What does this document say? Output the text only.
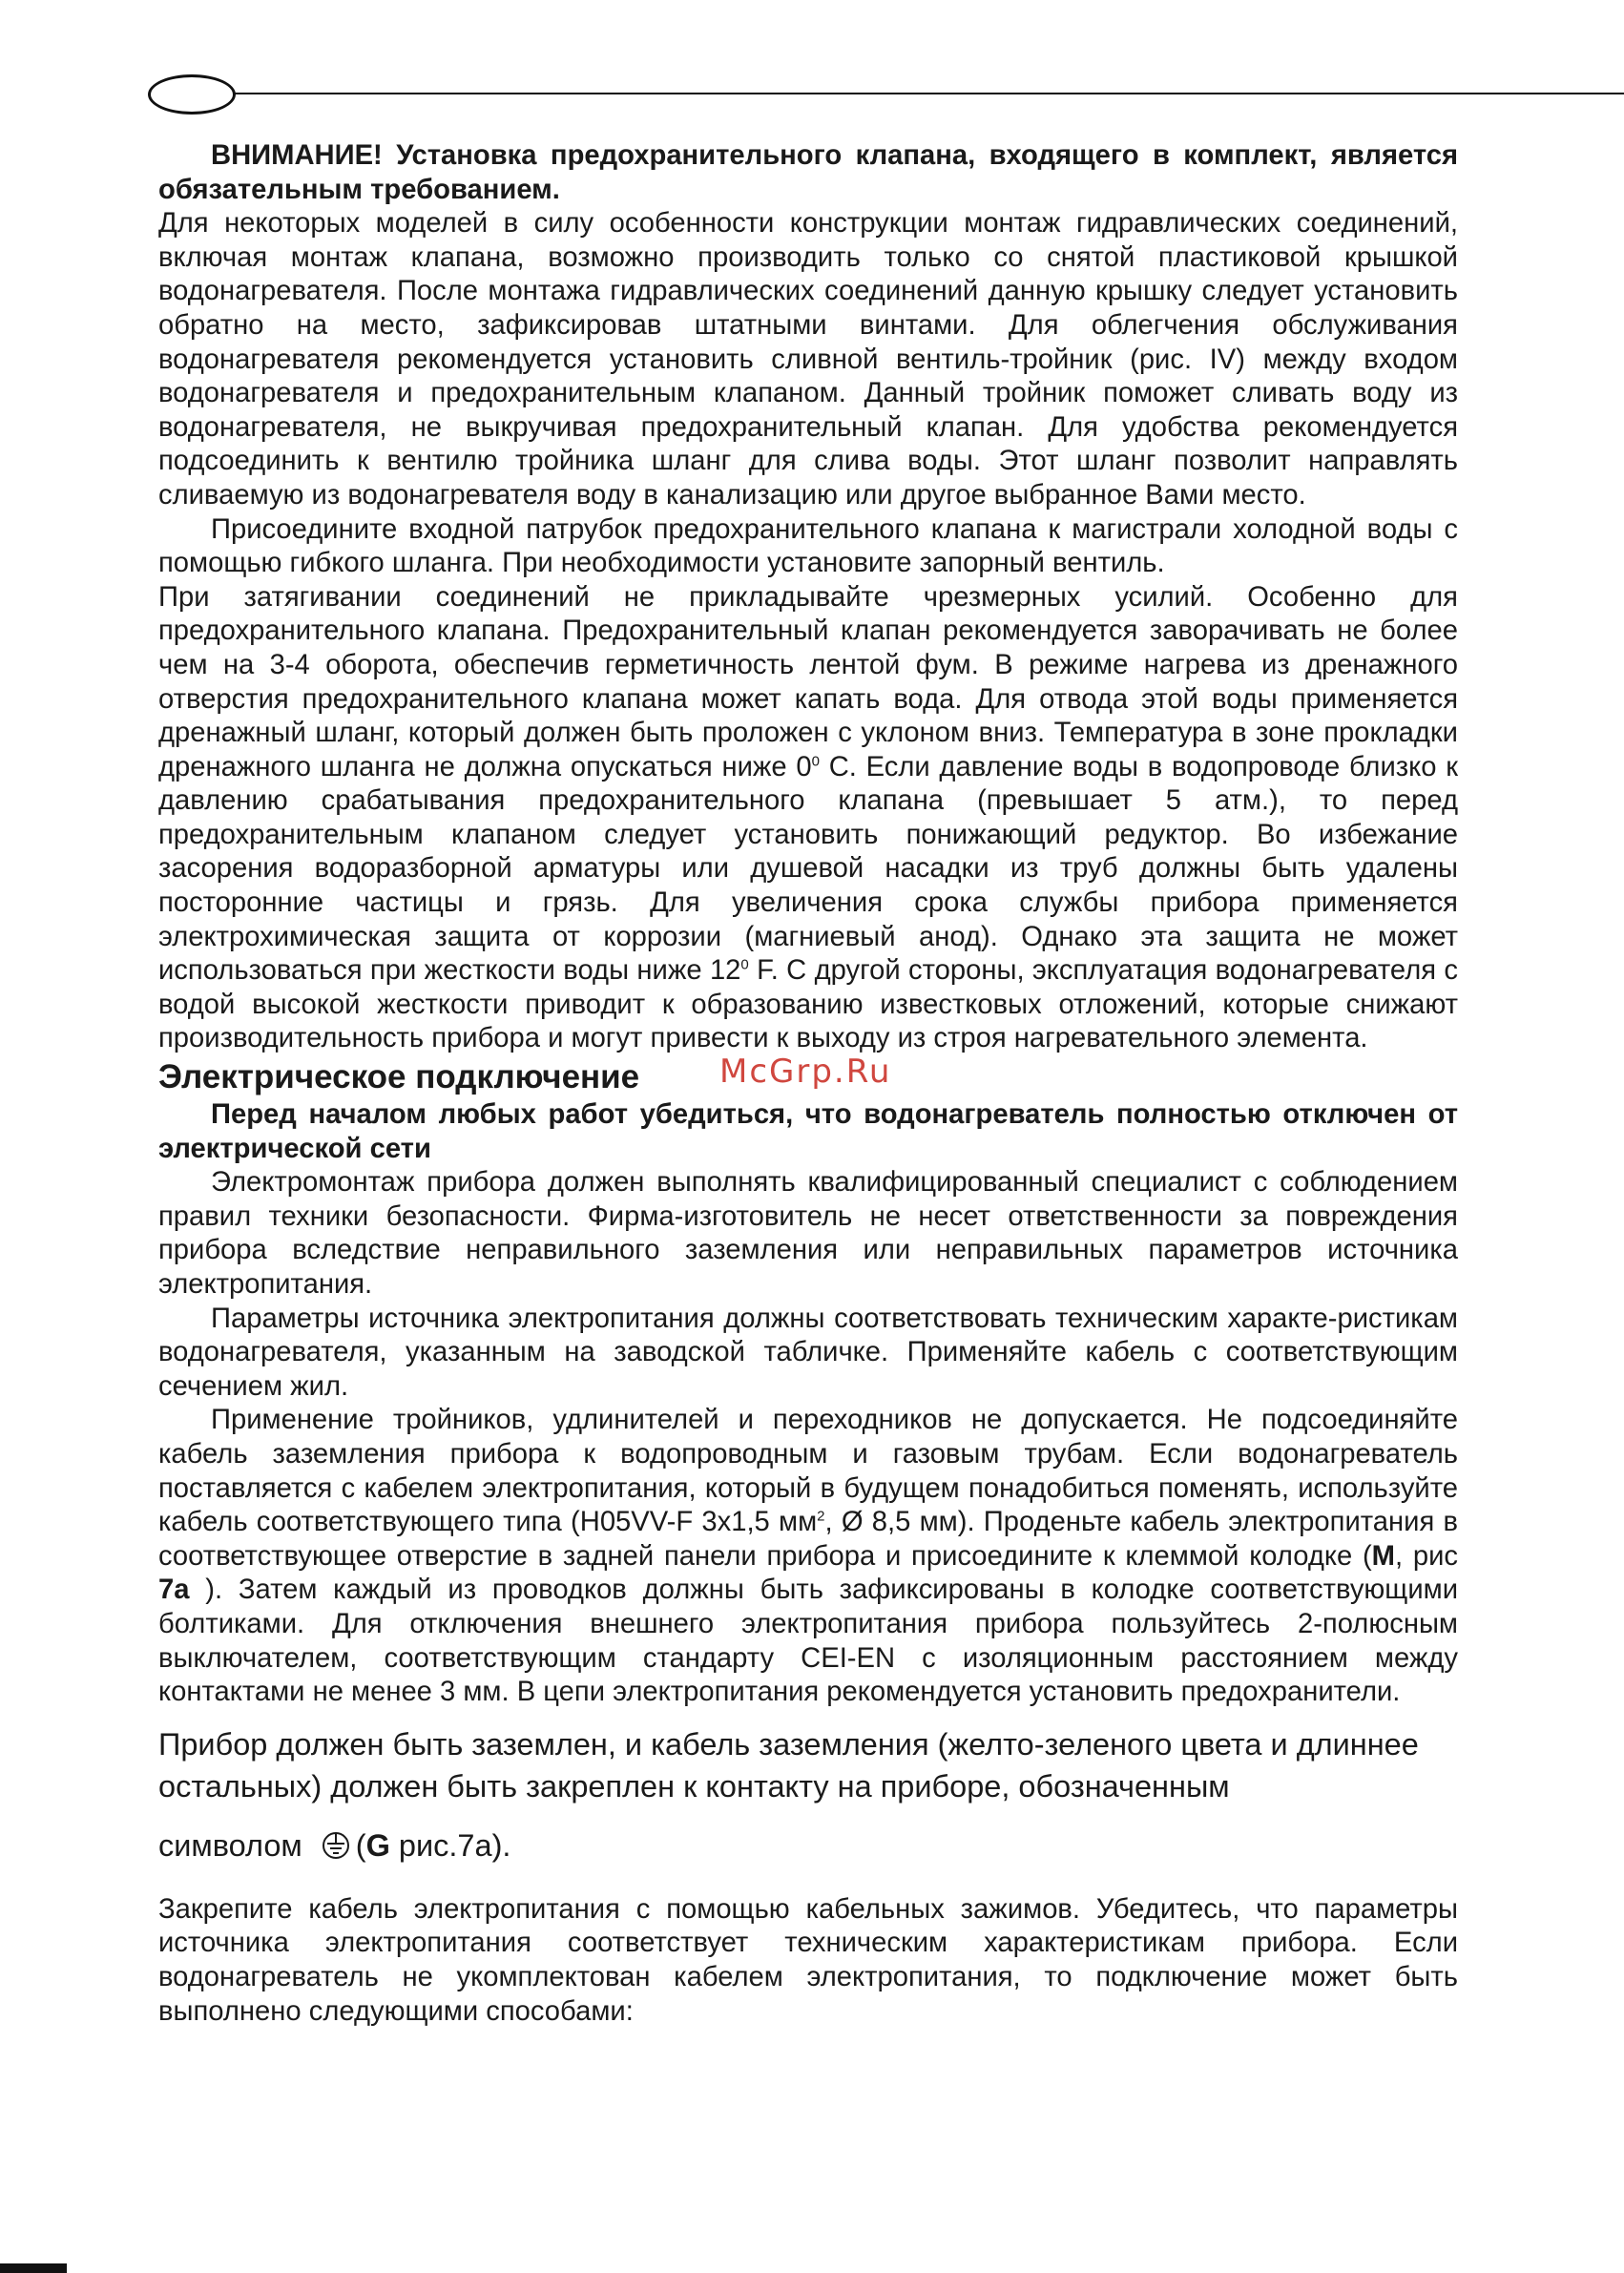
ВНИМАНИЕ! Установка предохранительного клапана, входящего в комплект, является обязательным требованием.

Для некоторых моделей в силу особенности конструкции монтаж гидравлических соединений, включая монтаж клапана, возможно производить только со снятой пластиковой крышкой водонагревателя. После монтажа гидравлических соединений данную крышку следует установить обратно на место, зафиксировав штатными винтами. Для облегчения обслуживания водонагревателя рекомендуется установить сливной вентиль-тройник (рис. IV) между входом водонагревателя и предохранительным клапаном. Данный тройник поможет сливать воду из водонагревателя, не выкручивая предохранительный клапан. Для удобства рекомендуется подсоединить к вентилю тройника шланг для слива воды. Этот шланг позволит направлять сливаемую из водонагревателя воду в канализацию или другое выбранное Вами место.

Присоедините входной патрубок предохранительного клапана к магистрали холодной воды с помощью гибкого шланга. При необходимости установите запорный вентиль.

При затягивании соединений не прикладывайте чрезмерных усилий. Особенно для предохранительного клапана. Предохранительный клапан рекомендуется заворачивать не более чем на 3-4 оборота, обеспечив герметичность лентой фум. В режиме нагрева из дренажного отверстия предохранительного клапана может капать вода. Для отвода этой воды применяется дренажный шланг, который должен быть проложен с уклоном вниз. Температура в зоне прокладки дренажного шланга не должна опускаться ниже $0^0$ С. Если давление воды в водопроводе близко к давлению срабатывания предохранительного клапана (превышает 5 атм.), то перед предохранительным клапаном следует установить понижающий редуктор. Во избежание засорения водоразборной арматуры или душевой насадки из труб должны быть удалены посторонние частицы и грязь. Для увеличения срока службы прибора применяется электрохимическая защита от коррозии (магниевый анод). Однако эта защита не может использоваться при жесткости воды ниже $12^0$ F. С другой стороны, эксплуатация водонагревателя с водой высокой жесткости приводит к образованию известковых отложений, которые снижают производительность прибора и могут привести к выходу из строя нагревательного элемента.

Электрическое подключение McGrp.Ru

Перед началом любых работ убедиться, что водонагреватель полностью отключен от электрической сети

Электромонтаж прибора должен выполнять квалифицированный специалист с соблюдением правил техники безопасности. Фирма-изготовитель не несет ответственности за повреждения прибора вследствие неправильного заземления или неправильных параметров источника электропитания.

Параметры источника электропитания должны соответствовать техническим характе-ристикам водонагревателя, указанным на заводской табличке. Применяйте кабель с соответствующим сечением жил.

Применение тройников, удлинителей и переходников не допускается. Не подсоединяйте кабель заземления прибора к водопроводным и газовым трубам. Если водонагреватель поставляется с кабелем электропитания, который в будущем понадобиться поменять, используйте кабель соответствующего типа (H05VV-F 3x1,5 $мм^2$, Ø 8,5 мм). Проденьте кабель электропитания в соответствующее отверстие в задней панели прибора и присоедините к клеммой колодке (M, рис 7a ). Затем каждый из проводков должны быть зафиксированы в колодке соответствующими болтиками. Для отключения внешнего электропитания прибора пользуйтесь 2-полюсным выключателем, соответствующим стандарту CEI-EN с изоляционным расстоянием между контактами не менее 3 мм. В цепи электропитания рекомендуется установить предохранители.

Прибор должен быть заземлен, и кабель заземления (желто-зеленого цвета и длиннее остальных) должен быть закреплен к контакту на приборе, обозначенным

символом (G рис.7а).

Закрепите кабель электропитания с помощью кабельных зажимов. Убедитесь, что параметры источника электропитания соответствует техническим характеристикам прибора. Если водонагреватель не укомплектован кабелем электропитания, то подключение может быть выполнено следующими способами:
